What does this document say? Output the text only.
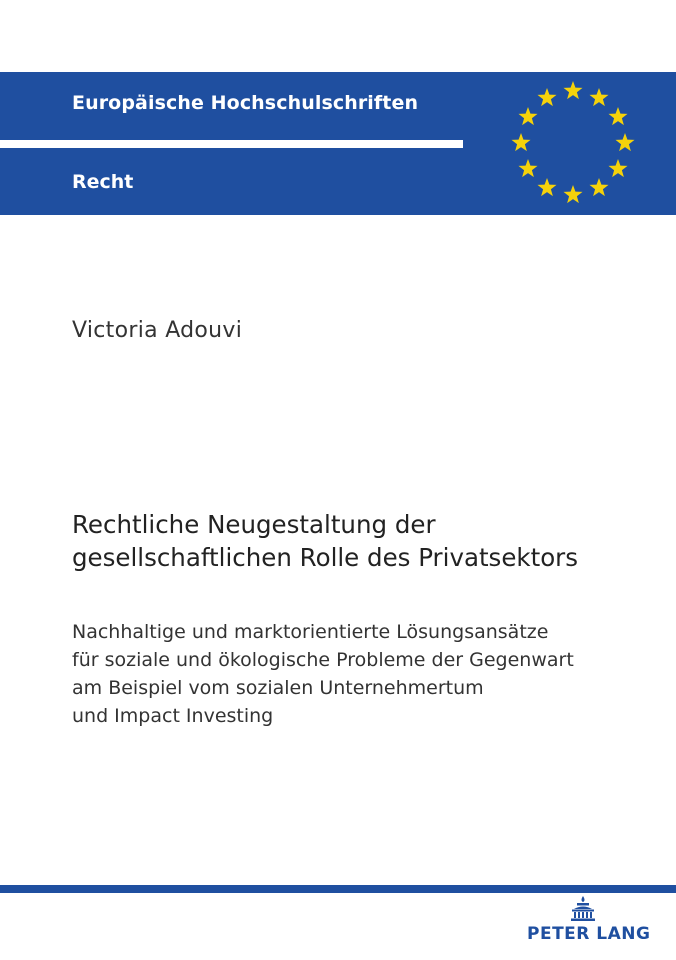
Europäische Hochschulschriften
Recht
Victoria Adouvi
Rechtliche Neugestaltung der
gesellschaftlichen Rolle des Privatsektors
Nachhaltige und marktorientierte Lösungsansätze
für soziale und ökologische Probleme der Gegenwart
am Beispiel vom sozialen Unternehmertum
und Impact Investing
PETER LANG
